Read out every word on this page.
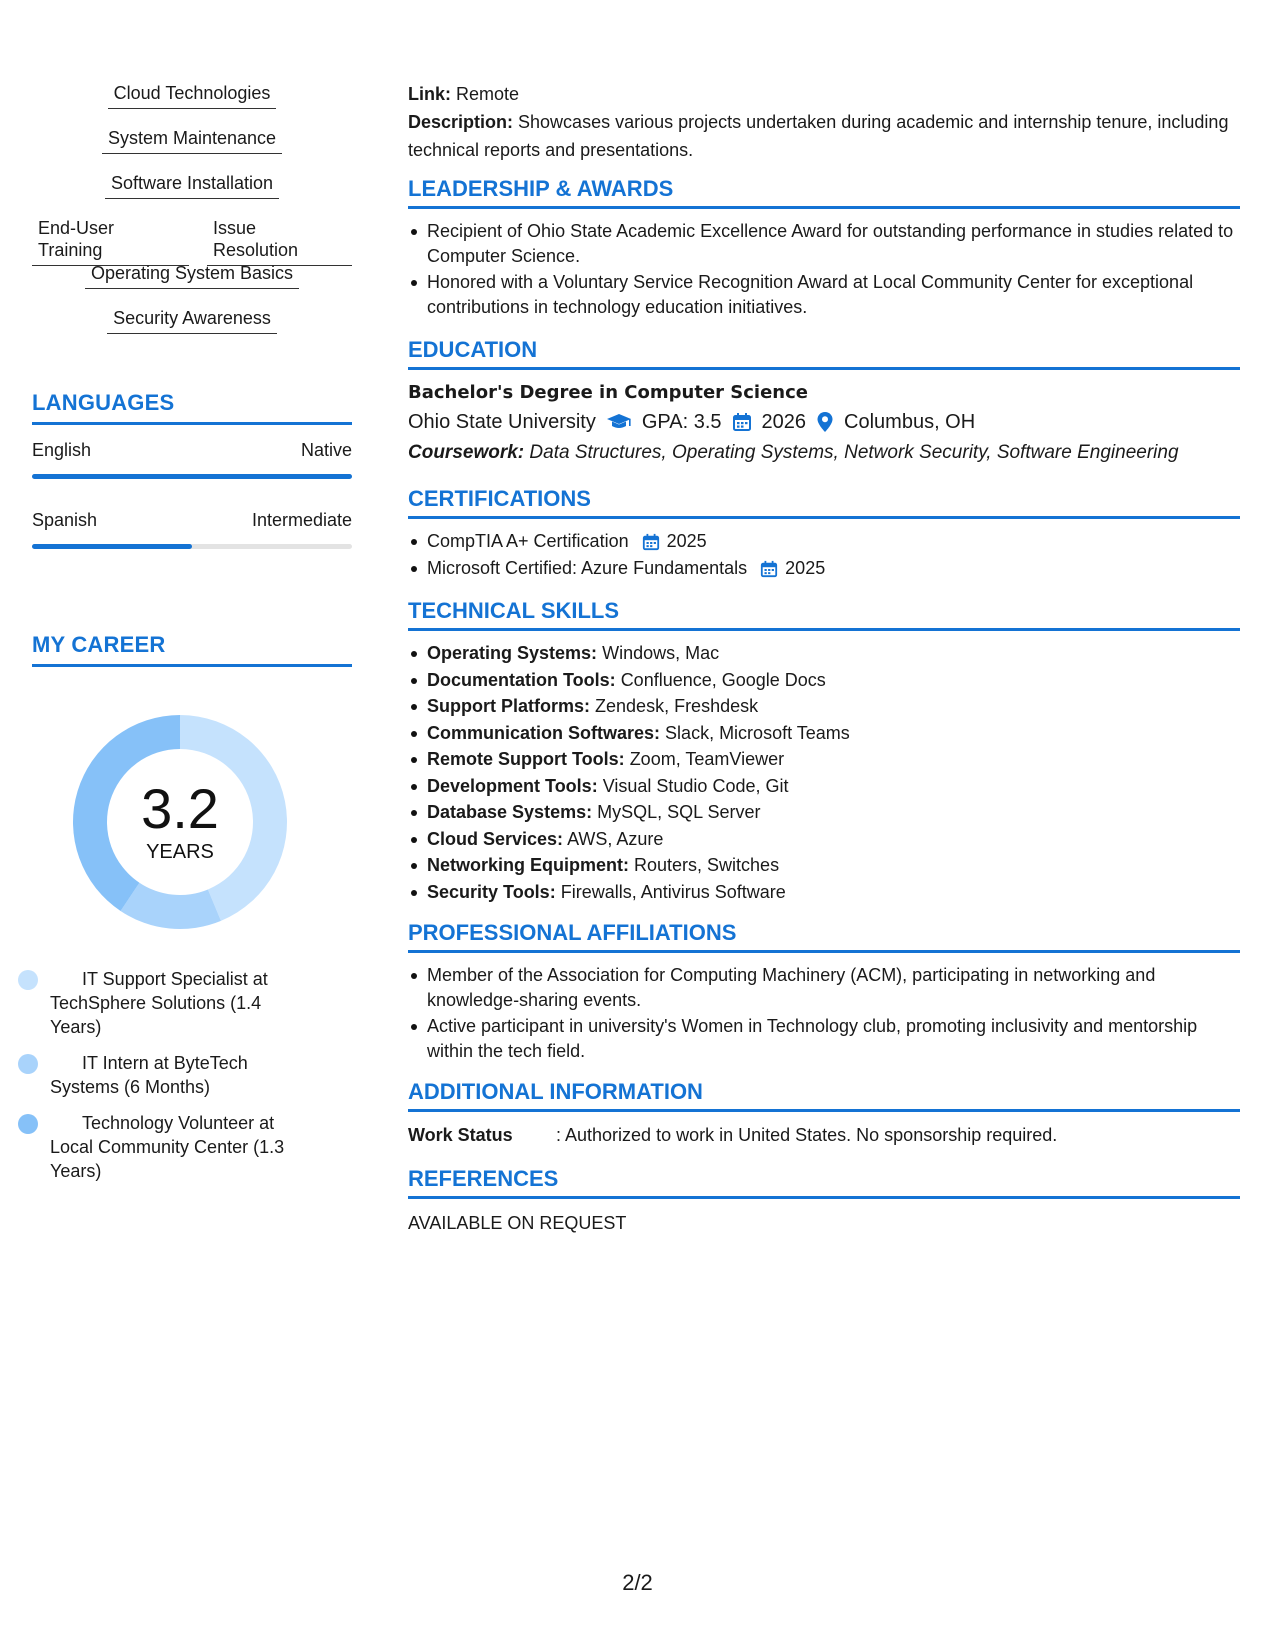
Cloud Technologies
System Maintenance
Software Installation
End-User Training
Issue Resolution
Operating System Basics
Security Awareness
LANGUAGES
English	Native
Spanish	Intermediate
MY CAREER
3.2
YEARS
IT Support Specialist at TechSphere Solutions (1.4 Years)
IT Intern at ByteTech Systems (6 Months)
Technology Volunteer at Local Community Center (1.3 Years)
Link: Remote
Description: Showcases various projects undertaken during academic and internship tenure, including technical reports and presentations.
LEADERSHIP & AWARDS
Recipient of Ohio State Academic Excellence Award for outstanding performance in studies related to Computer Science.
Honored with a Voluntary Service Recognition Award at Local Community Center for exceptional contributions in technology education initiatives.
EDUCATION
Bachelor's Degree in Computer Science
Ohio State University GPA: 3.5 2026 Columbus, OH
Coursework: Data Structures, Operating Systems, Network Security, Software Engineering
CERTIFICATIONS
CompTIA A+ Certification 2025
Microsoft Certified: Azure Fundamentals 2025
TECHNICAL SKILLS
Operating Systems: Windows, Mac
Documentation Tools: Confluence, Google Docs
Support Platforms: Zendesk, Freshdesk
Communication Softwares: Slack, Microsoft Teams
Remote Support Tools: Zoom, TeamViewer
Development Tools: Visual Studio Code, Git
Database Systems: MySQL, SQL Server
Cloud Services: AWS, Azure
Networking Equipment: Routers, Switches
Security Tools: Firewalls, Antivirus Software
PROFESSIONAL AFFILIATIONS
Member of the Association for Computing Machinery (ACM), participating in networking and knowledge-sharing events.
Active participant in university's Women in Technology club, promoting inclusivity and mentorship within the tech field.
ADDITIONAL INFORMATION
Work Status	: Authorized to work in United States. No sponsorship required.
REFERENCES
AVAILABLE ON REQUEST
2/2
